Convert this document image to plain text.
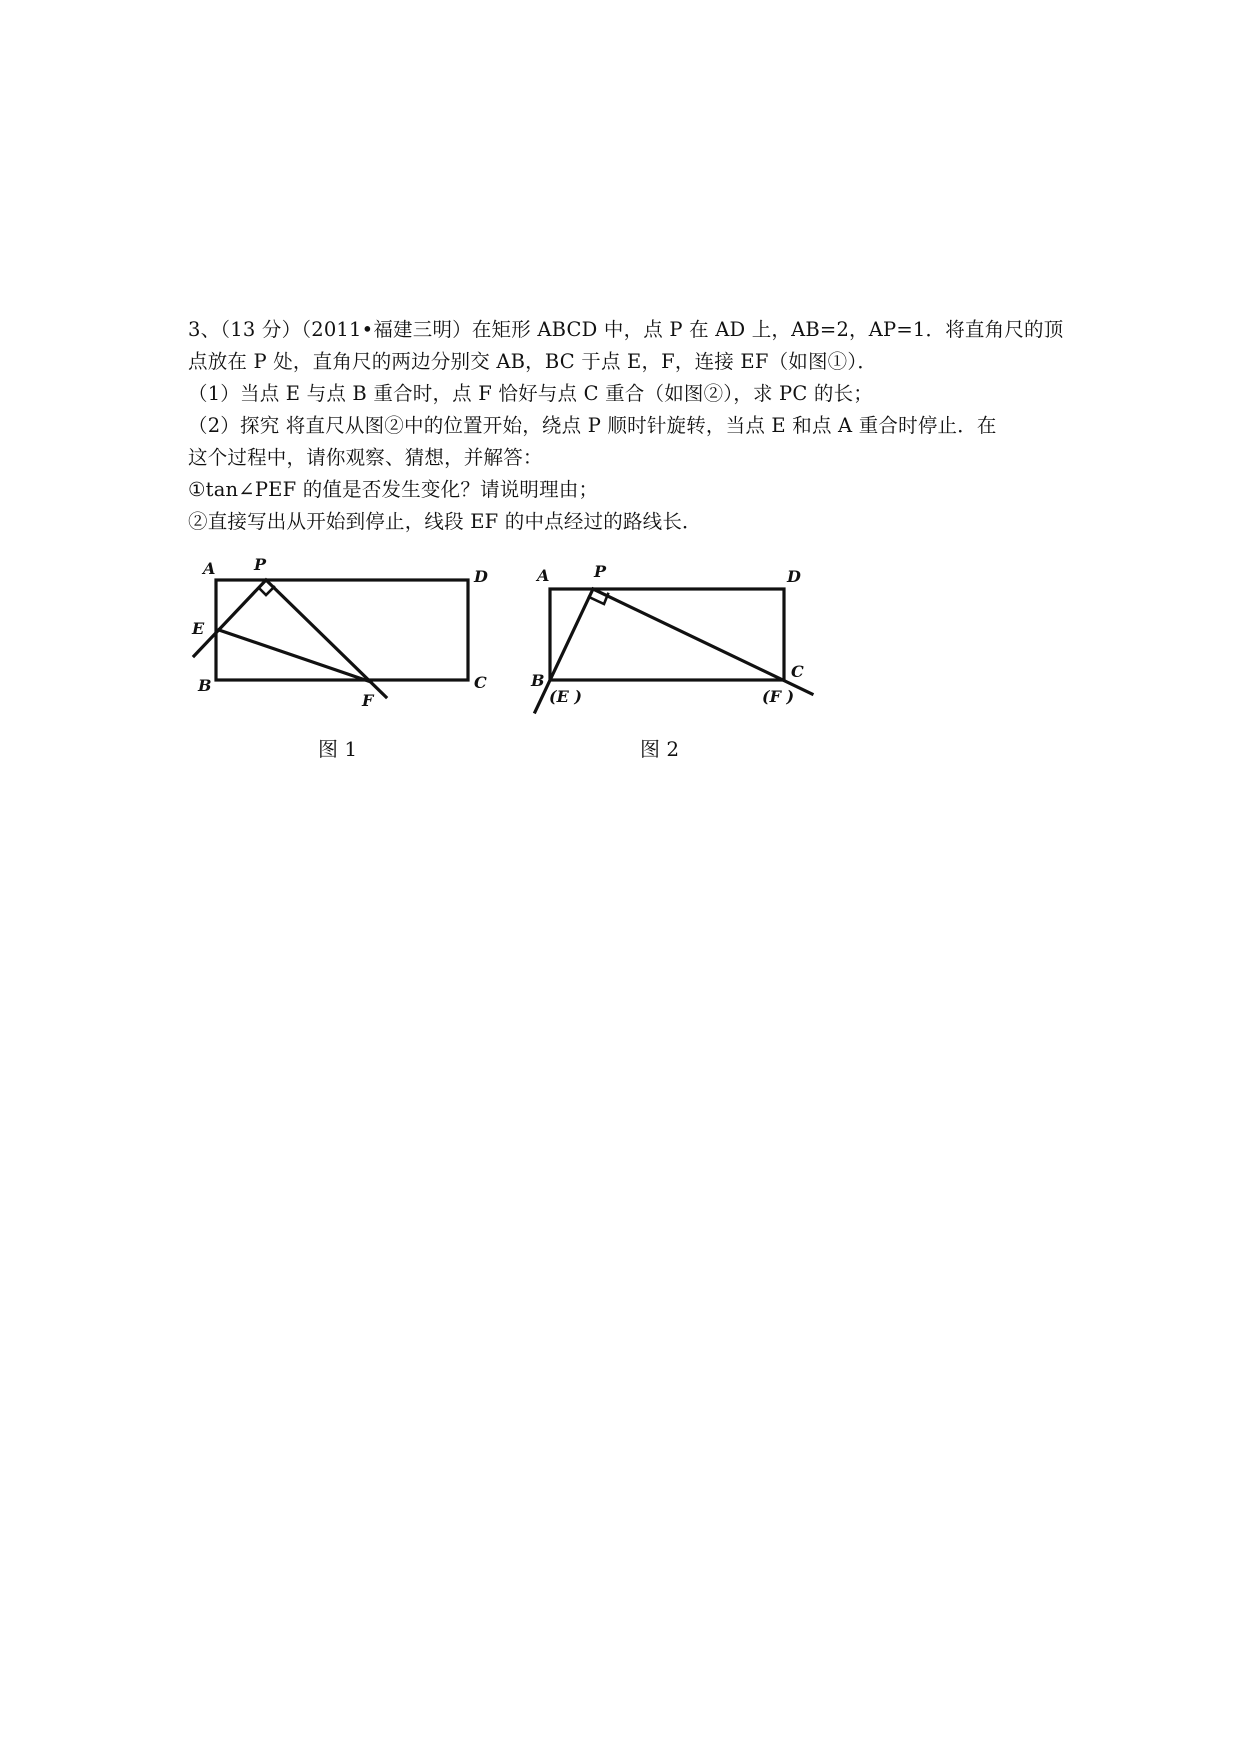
3、（13 分）（2011•福建三明）在矩形 ABCD 中，点 P 在 AD 上，AB=2，AP=1．将直角尺的顶
点放在 P 处，直角尺的两边分别交 AB，BC 于点 E，F，连接 EF（如图①）．
（1）当点 E 与点 B 重合时，点 F 恰好与点 C 重合（如图②），求 PC 的长；
（2）探究 将直尺从图②中的位置开始，绕点 P 顺时针旋转，当点 E 和点 A 重合时停止．在
这个过程中，请你观察、猜想，并解答：
①tan∠PEF 的值是否发生变化？请说明理由；
②直接写出从开始到停止，线段 EF 的中点经过的路线长．
A P
D
E
B
F
C
图 1
A	P	D
B
(E )	(F )
C
图 2
